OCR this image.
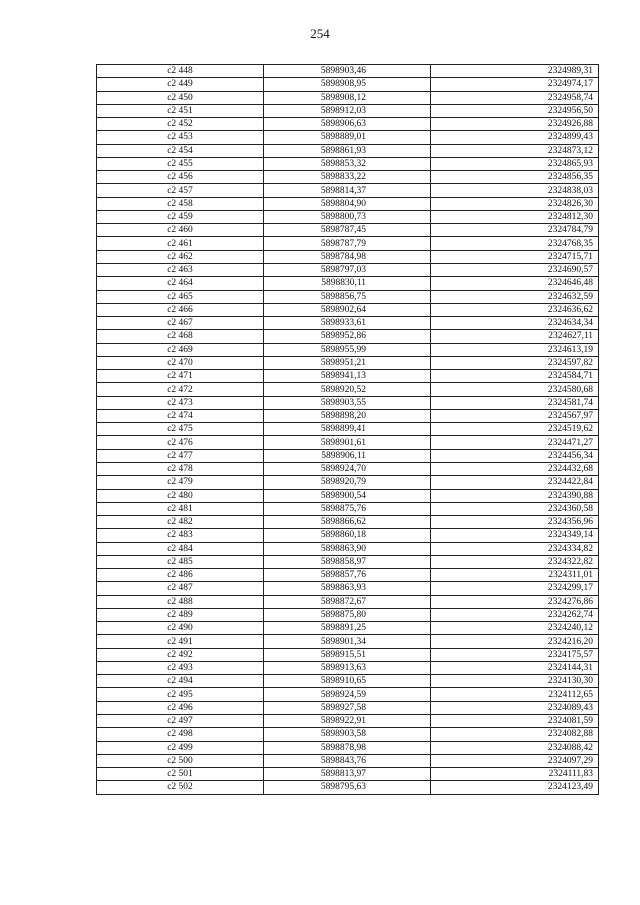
254
c2 448	5898903,46	2324989,31
c2 449	5898908,95	2324974,17
c2 450	5898908,12	2324958,74
c2 451	5898912,03	2324956,50
c2 452	5898906,63	2324926,88
c2 453	5898889,01	2324899,43
c2 454	5898861,93	2324873,12
c2 455	5898853,32	2324865,93
c2 456	5898833,22	2324856,35
c2 457	5898814,37	2324838,03
c2 458	5898804,90	2324826,30
c2 459	5898800,73	2324812,30
c2 460	5898787,45	2324784,79
c2 461	5898787,79	2324768,35
c2 462	5898784,98	2324715,71
c2 463	5898797,03	2324690,57
c2 464	5898830,11	2324646,48
c2 465	5898856,75	2324632,59
c2 466	5898902,64	2324636,62
c2 467	5898933,61	2324634,34
c2 468	5898952,86	2324627,11
c2 469	5898955,99	2324613,19
c2 470	5898951,21	2324597,82
c2 471	5898941,13	2324584,71
c2 472	5898920,52	2324580,68
c2 473	5898903,55	2324581,74
c2 474	5898898,20	2324567,97
c2 475	5898899,41	2324519,62
c2 476	5898901,61	2324471,27
c2 477	5898906,11	2324456,34
c2 478	5898924,70	2324432,68
c2 479	5898920,79	2324422,84
c2 480	5898900,54	2324390,88
c2 481	5898875,76	2324360,58
c2 482	5898866,62	2324356,96
c2 483	5898860,18	2324349,14
c2 484	5898863,90	2324334,82
c2 485	5898858,97	2324322,82
c2 486	5898857,76	2324311,01
c2 487	5898863,93	2324299,17
c2 488	5898872,67	2324276,86
c2 489	5898875,80	2324262,74
c2 490	5898891,25	2324240,12
c2 491	5898901,34	2324216,20
c2 492	5898915,51	2324175,57
c2 493	5898913,63	2324144,31
c2 494	5898910,65	2324130,30
c2 495	5898924,59	2324112,65
c2 496	5898927,58	2324089,43
c2 497	5898922,91	2324081,59
c2 498	5898903,58	2324082,88
c2 499	5898878,98	2324088,42
c2 500	5898843,76	2324097,29
c2 501	5898813,97	2324111,83
c2 502	5898795,63	2324123,49
